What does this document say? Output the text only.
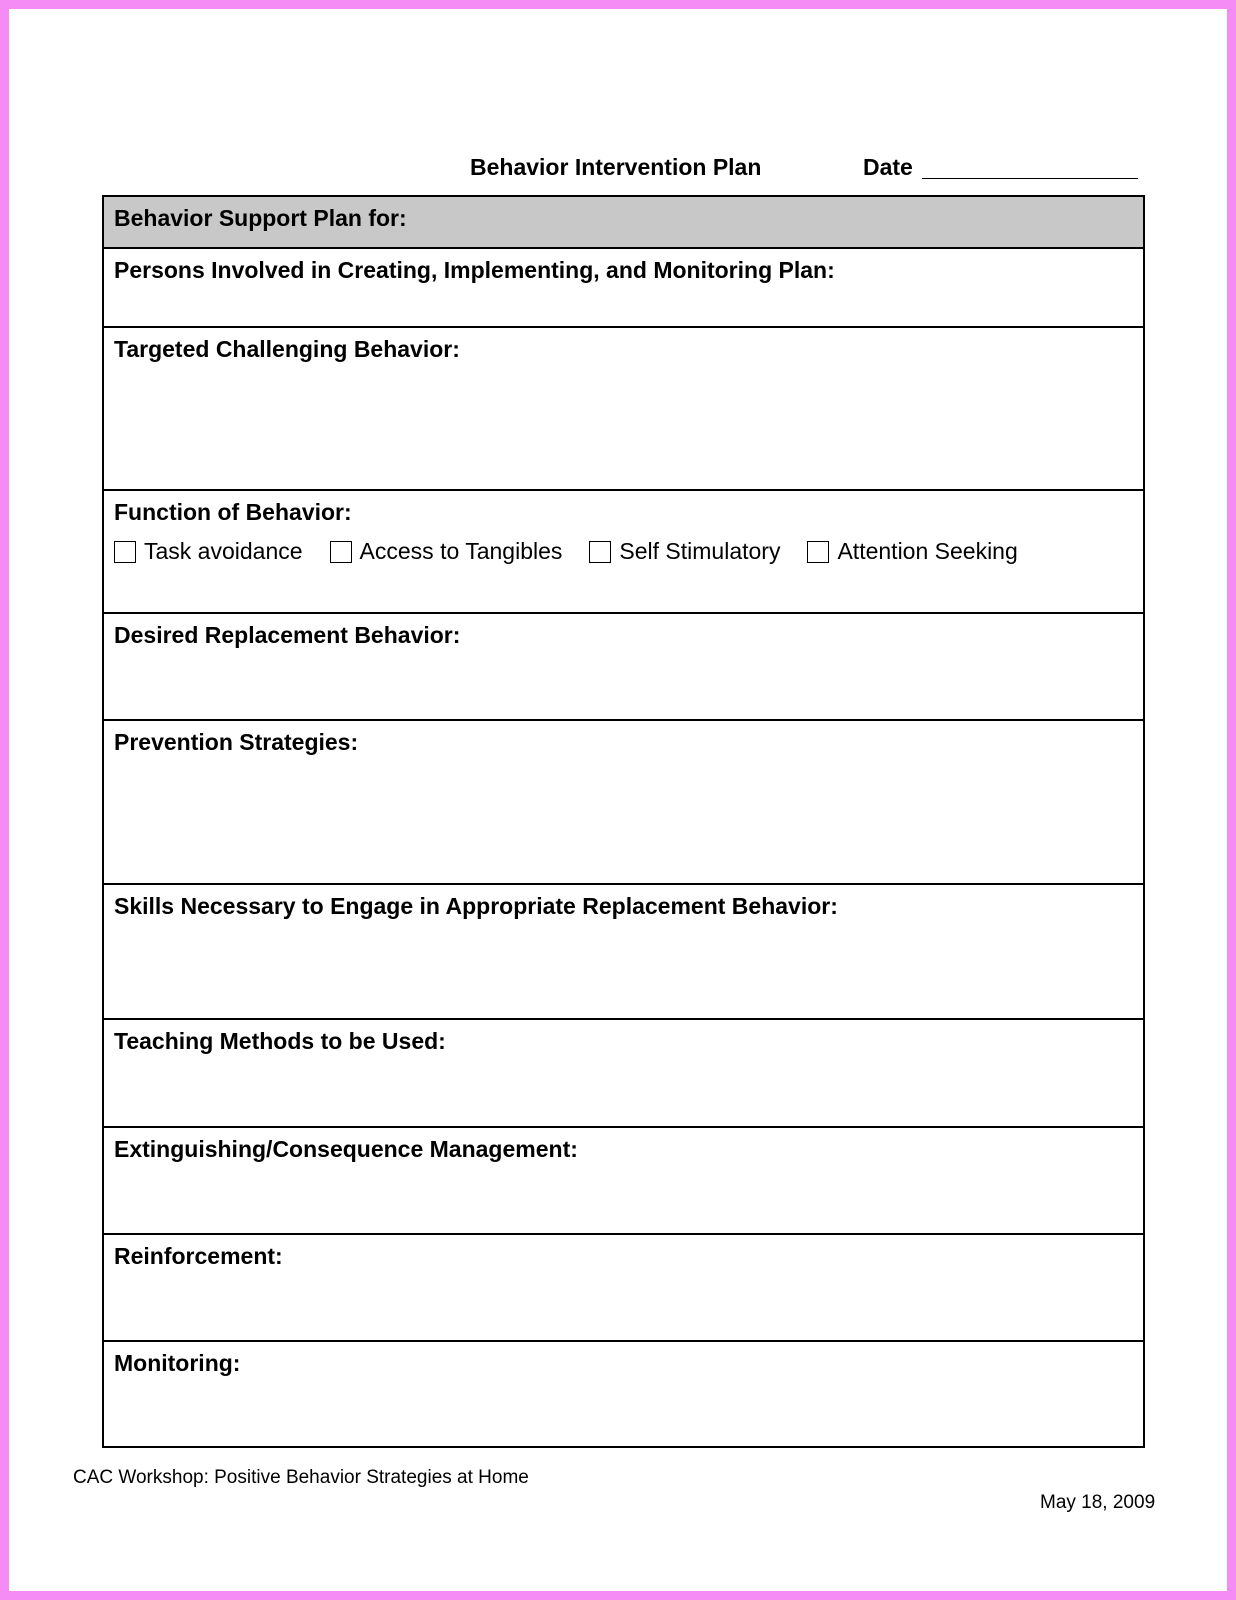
Behavior Intervention Plan	Date
Behavior Support Plan for:
Persons Involved in Creating, Implementing, and Monitoring Plan:
Targeted Challenging Behavior:
Function of Behavior:
Task avoidance Access to Tangibles Self Stimulatory Attention Seeking
Desired Replacement Behavior:
Prevention Strategies:
Skills Necessary to Engage in Appropriate Replacement Behavior:
Teaching Methods to be Used:
Extinguishing/Consequence Management:
Reinforcement:
Monitoring:
CAC Workshop: Positive Behavior Strategies at Home
May 18, 2009
